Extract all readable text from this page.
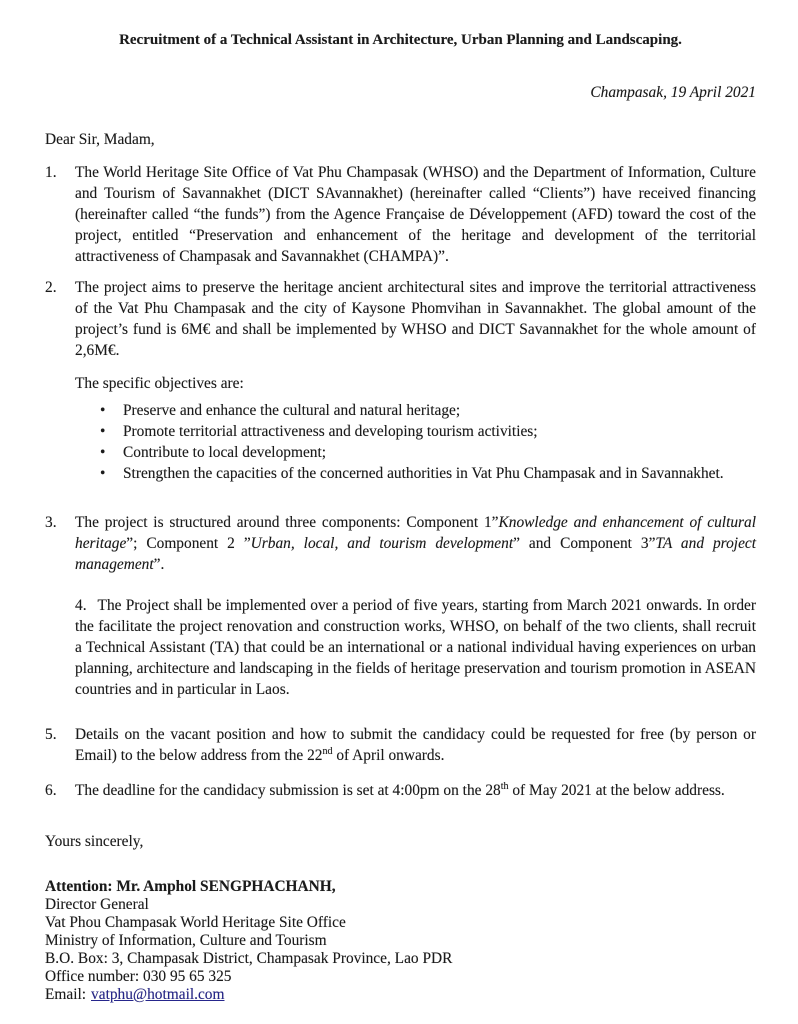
Recruitment of a Technical Assistant in Architecture, Urban Planning and Landscaping.
Champasak, 19 April 2021
Dear Sir, Madam,
1. The World Heritage Site Office of Vat Phu Champasak (WHSO) and the Department of Information, Culture and Tourism of Savannakhet (DICT SAvannakhet) (hereinafter called “Clients”) have received financing (hereinafter called “the funds”) from the Agence Française de Développement (AFD) toward the cost of the project, entitled “Preservation and enhancement of the heritage and development of the territorial attractiveness of Champasak and Savannakhet (CHAMPA)”.
2. The project aims to preserve the heritage ancient architectural sites and improve the territorial attractiveness of the Vat Phu Champasak and the city of Kaysone Phomvihan in Savannakhet. The global amount of the project’s fund is 6M€ and shall be implemented by WHSO and DICT Savannakhet for the whole amount of 2,6M€.
The specific objectives are:
• Preserve and enhance the cultural and natural heritage;
• Promote territorial attractiveness and developing tourism activities;
• Contribute to local development;
• Strengthen the capacities of the concerned authorities in Vat Phu Champasak and in Savannakhet.
3. The project is structured around three components: Component 1”Knowledge and enhancement of cultural heritage”; Component 2 ”Urban, local, and tourism development” and Component 3”TA and project management”.
4. The Project shall be implemented over a period of five years, starting from March 2021 onwards. In order the facilitate the project renovation and construction works, WHSO, on behalf of the two clients, shall recruit a Technical Assistant (TA) that could be an international or a national individual having experiences on urban planning, architecture and landscaping in the fields of heritage preservation and tourism promotion in ASEAN countries and in particular in Laos.
5. Details on the vacant position and how to submit the candidacy could be requested for free (by person or Email) to the below address from the 22nd of April onwards.
6. The deadline for the candidacy submission is set at 4:00pm on the 28th of May 2021 at the below address.
Yours sincerely,
Attention: Mr. Amphol SENGPHACHANH,
Director General
Vat Phou Champasak World Heritage Site Office
Ministry of Information, Culture and Tourism
B.O. Box: 3, Champasak District, Champasak Province, Lao PDR
Office number: 030 95 65 325
Email: vatphu@hotmail.com
